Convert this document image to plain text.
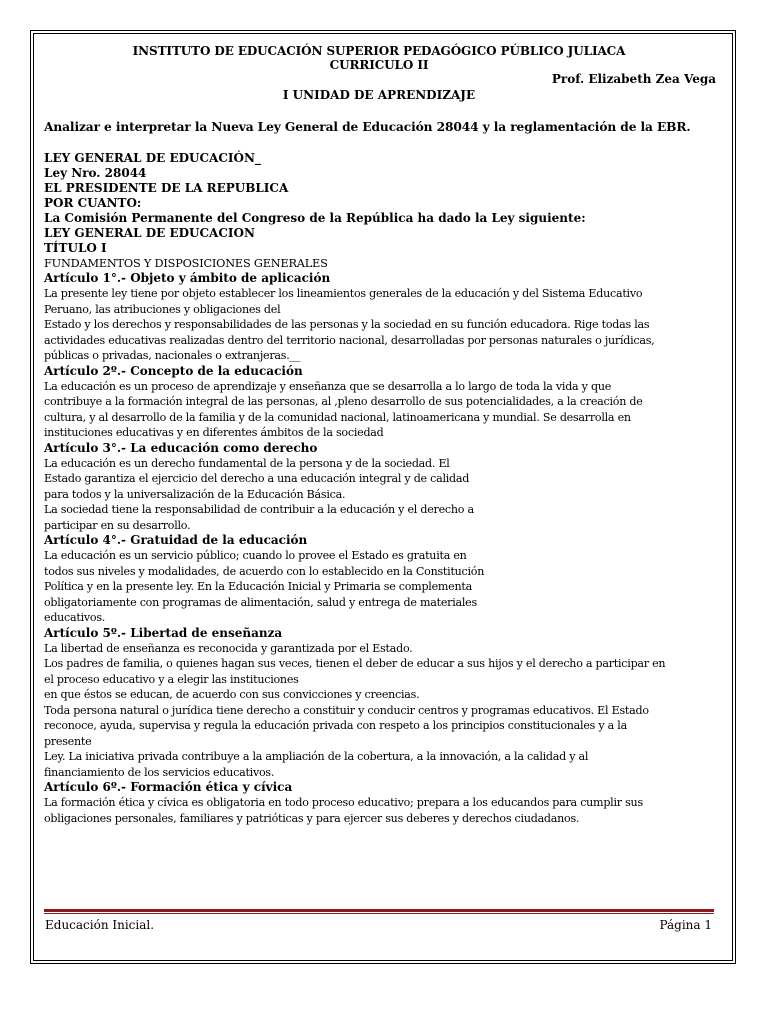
INSTITUTO DE EDUCACIÓN SUPERIOR PEDAGÓGICO PÚBLICO JULIACA
CURRICULO II
Prof. Elizabeth Zea Vega
I UNIDAD DE APRENDIZAJE
Analizar e interpretar la Nueva Ley General de Educación 28044 y la reglamentación de la EBR.
LEY GENERAL DE EDUCACIÓN_
Ley Nro. 28044
EL PRESIDENTE DE LA REPUBLICA
POR CUANTO:
La Comisión Permanente del Congreso de la República ha dado la Ley siguiente:
LEY GENERAL DE EDUCACION
TÍTULO I
FUNDAMENTOS Y DISPOSICIONES GENERALES
Artículo 1°.- Objeto y ámbito de aplicación
La presente ley tiene por objeto establecer los lineamientos generales de la educación y del Sistema Educativo
Peruano, las atribuciones y obligaciones del
Estado y los derechos y responsabilidades de las personas y la sociedad en su función educadora. Rige todas las
actividades educativas realizadas dentro del territorio nacional, desarrolladas por personas naturales o jurídicas,
públicas o privadas, nacionales o extranjeras.__
Artículo 2º.- Concepto de la educación
La educación es un proceso de aprendizaje y enseñanza que se desarrolla a lo largo de toda la vida y que
contribuye a la formación integral de las personas, al ,pleno desarrollo de sus potencialidades, a la creación de
cultura, y al desarrollo de la familia y de la comunidad nacional, latinoamericana y mundial. Se desarrolla en
instituciones educativas y en diferentes ámbitos de la sociedad
Artículo 3°.- La educación como derecho
La educación es un derecho fundamental de la persona y de la sociedad. El
Estado garantiza el ejercicio del derecho a una educación integral y de calidad
para todos y la universalización de la Educación Básica.
La sociedad tiene la responsabilidad de contribuir a la educación y el derecho a
participar en su desarrollo.
Artículo 4°.- Gratuidad de la educación
La educación es un servicio público; cuando lo provee el Estado es gratuita en
todos sus niveles y modalidades, de acuerdo con lo establecido en la Constitución
Política y en la presente ley. En la Educación Inicial y Primaria se complementa
obligatoriamente con programas de alimentación, salud y entrega de materiales
educativos.
Artículo 5º.- Libertad de enseñanza
La libertad de enseñanza es reconocida y garantizada por el Estado.
Los padres de familia, o quienes hagan sus veces, tienen el deber de educar a sus hijos y el derecho a participar en
el proceso educativo y a elegir las instituciones
en que éstos se educan, de acuerdo con sus convicciones y creencias.
Toda persona natural o jurídica tiene derecho a constituir y conducir centros y programas educativos. El Estado
reconoce, ayuda, supervisa y regula la educación privada con respeto a los principios constitucionales y a la
presente
Ley. La iniciativa privada contribuye a la ampliación de la cobertura, a la innovación, a la calidad y al
financiamiento de los servicios educativos.
Artículo 6º.- Formación ética y cívica
La formación ética y cívica es obligatoria en todo proceso educativo; prepara a los educandos para cumplir sus
obligaciones personales, familiares y patrióticas y para ejercer sus deberes y derechos ciudadanos.
Educación Inicial.	Página 1
